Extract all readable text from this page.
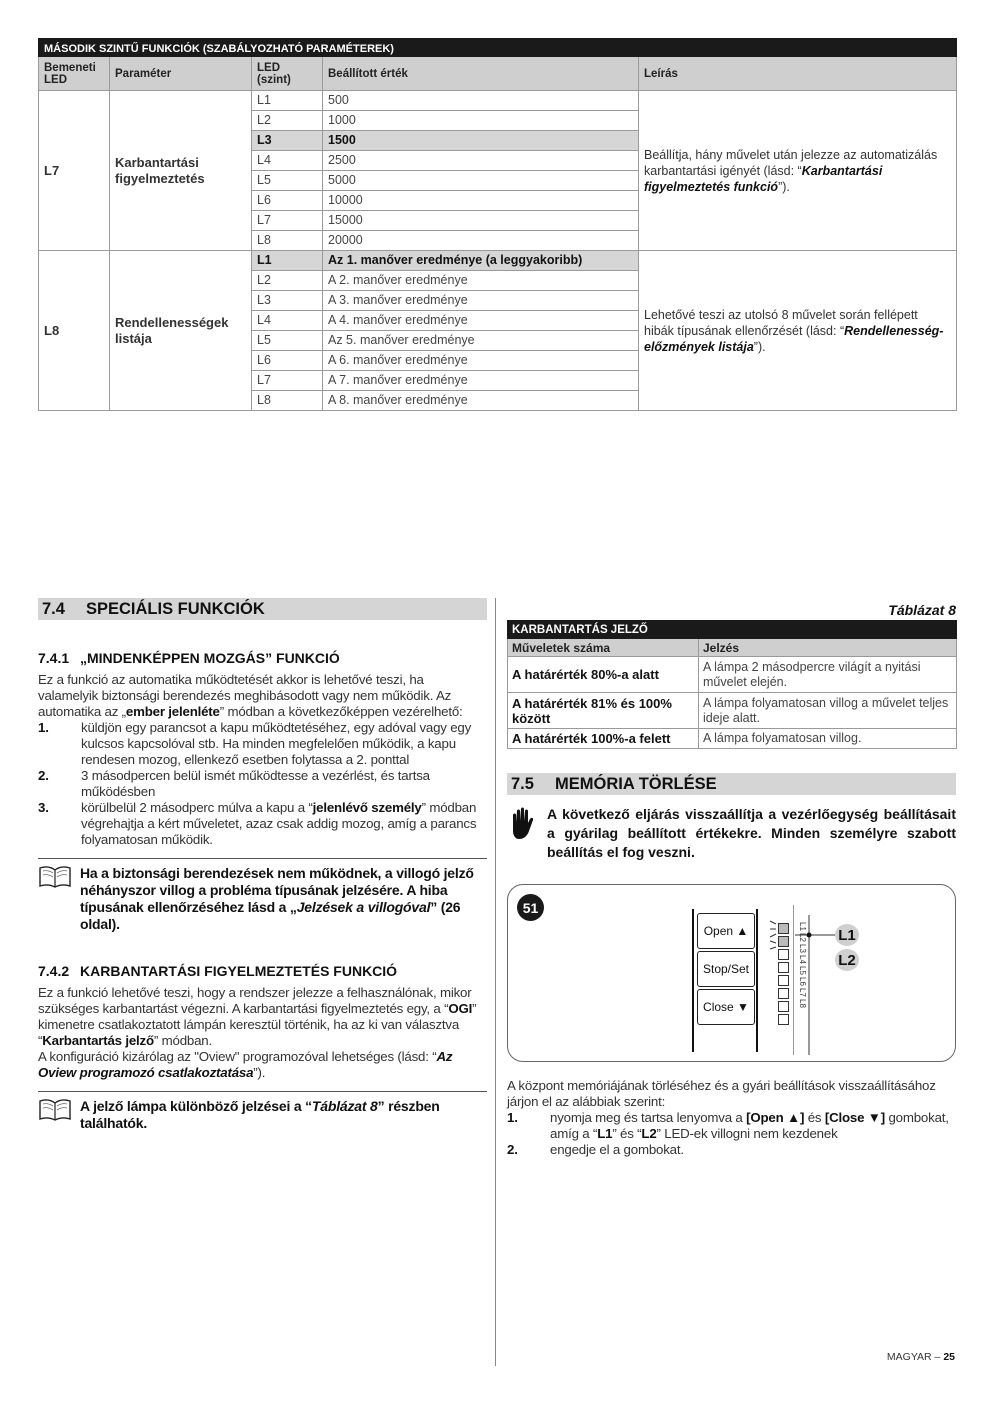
MÁSODIK SZINTŰ FUNKCIÓK (SZABÁLYOZHATÓ PARAMÉTEREK)				
Bemeneti LED	Paraméter	LED (szint)	Beállított érték	Leírás
L7	Karbantartási figyelmeztetés	L1	500	Beállítja, hány művelet után jelezze az automatizálás karbantartási igényét (lásd: “Karbantartási figyelmeztetés funkció”).
		L2	1000	
		L3	1500	
		L4	2500	
		L5	5000	
		L6	10000	
		L7	15000	
		L8	20000	
L8	Rendellenességek listája	L1	Az 1. manőver eredménye (a leggyakoribb)	Lehetővé teszi az utolsó 8 művelet során fellépett hibák típusának ellenőrzését (lásd: “Rendellenesség-előzmények listája”).
		L2	A 2. manőver eredménye	
		L3	A 3. manőver eredménye	
		L4	A 4. manőver eredménye	
		L5	Az 5. manőver eredménye	
		L6	A 6. manőver eredménye	
		L7	A 7. manőver eredménye	
		L8	A 8. manőver eredménye	
7.4	SPECIÁLIS FUNKCIÓK
7.4.1 „MINDENKÉPPEN MOZGÁS” FUNKCIÓ

Ez a funkció az automatika működtetését akkor is lehetővé teszi, ha valamelyik biztonsági berendezés meghibásodott vagy nem működik. Az automatika az „ember jelenléte” módban a következőképpen vezérelhető:

1.	küldjön egy parancsot a kapu működtetéséhez, egy adóval vagy egy kulcsos kapcsolóval stb. Ha minden megfelelően működik, a kapu rendesen mozog, ellenkező esetben folytassa a 2. ponttal
2.	3 másodpercen belül ismét működtesse a vezérlést, és tartsa működésben
3.	körülbelül 2 másodperc múlva a kapu a “jelenlévő személy” módban végrehajtja a kért műveletet, azaz csak addig mozog, amíg a parancs folyamatosan működik.
Ha a biztonsági berendezések nem működnek, a villogó jelző néhányszor villog a probléma típusának jelzésére. A hiba típusának ellenőrzéséhez lásd a „Jelzések a villogóval” (26 oldal).
7.4.2 KARBANTARTÁSI FIGYELMEZTETÉS FUNKCIÓ

Ez a funkció lehetővé teszi, hogy a rendszer jelezze a felhasználónak, mikor szükséges karbantartást végezni. A karbantartási figyelmeztetés egy, a “OGI” kimenetre csatlakoztatott lámpán keresztül történik, ha az ki van választva “Karbantartás jelző” módban.

A konfiguráció kizárólag az "Oview" programozóval lehetséges (lásd: “Az Oview programozó csatlakoztatása”).

A jelző lámpa különböző jelzései a “Táblázat 8” részben találhatók.
Táblázat 8
KARBANTARTÁS JELZŐ	
Műveletek száma	Jelzés
A határérték 80%-a alatt	A lámpa 2 másodpercre világít a nyitási művelet elején.
A határérték 81% és 100% között	A lámpa folyamatosan villog a művelet teljes ideje alatt.
A határérték 100%-a felett	A lámpa folyamatosan villog.
7.5	MEMÓRIA TÖRLÉSE
A következő eljárás visszaállítja a vezérlőegység beállításait a gyárilag beállított értékekre. Minden személyre szabott beállítás el fog veszni.
51
Open ▲
Stop/Set
Close ▼
L1L2L3L4L5L6L7L8
L1
L2

A központ memóriájának törléséhez és a gyári beállítások visszaállításához járjon el az alábbiak szerint:

1.	nyomja meg és tartsa lenyomva a [Open ▲] és [Close ▼] gombokat, amíg a “L1” és “L2” LED-ek villogni nem kezdenek
2.	engedje el a gombokat.
MAGYAR – 25
